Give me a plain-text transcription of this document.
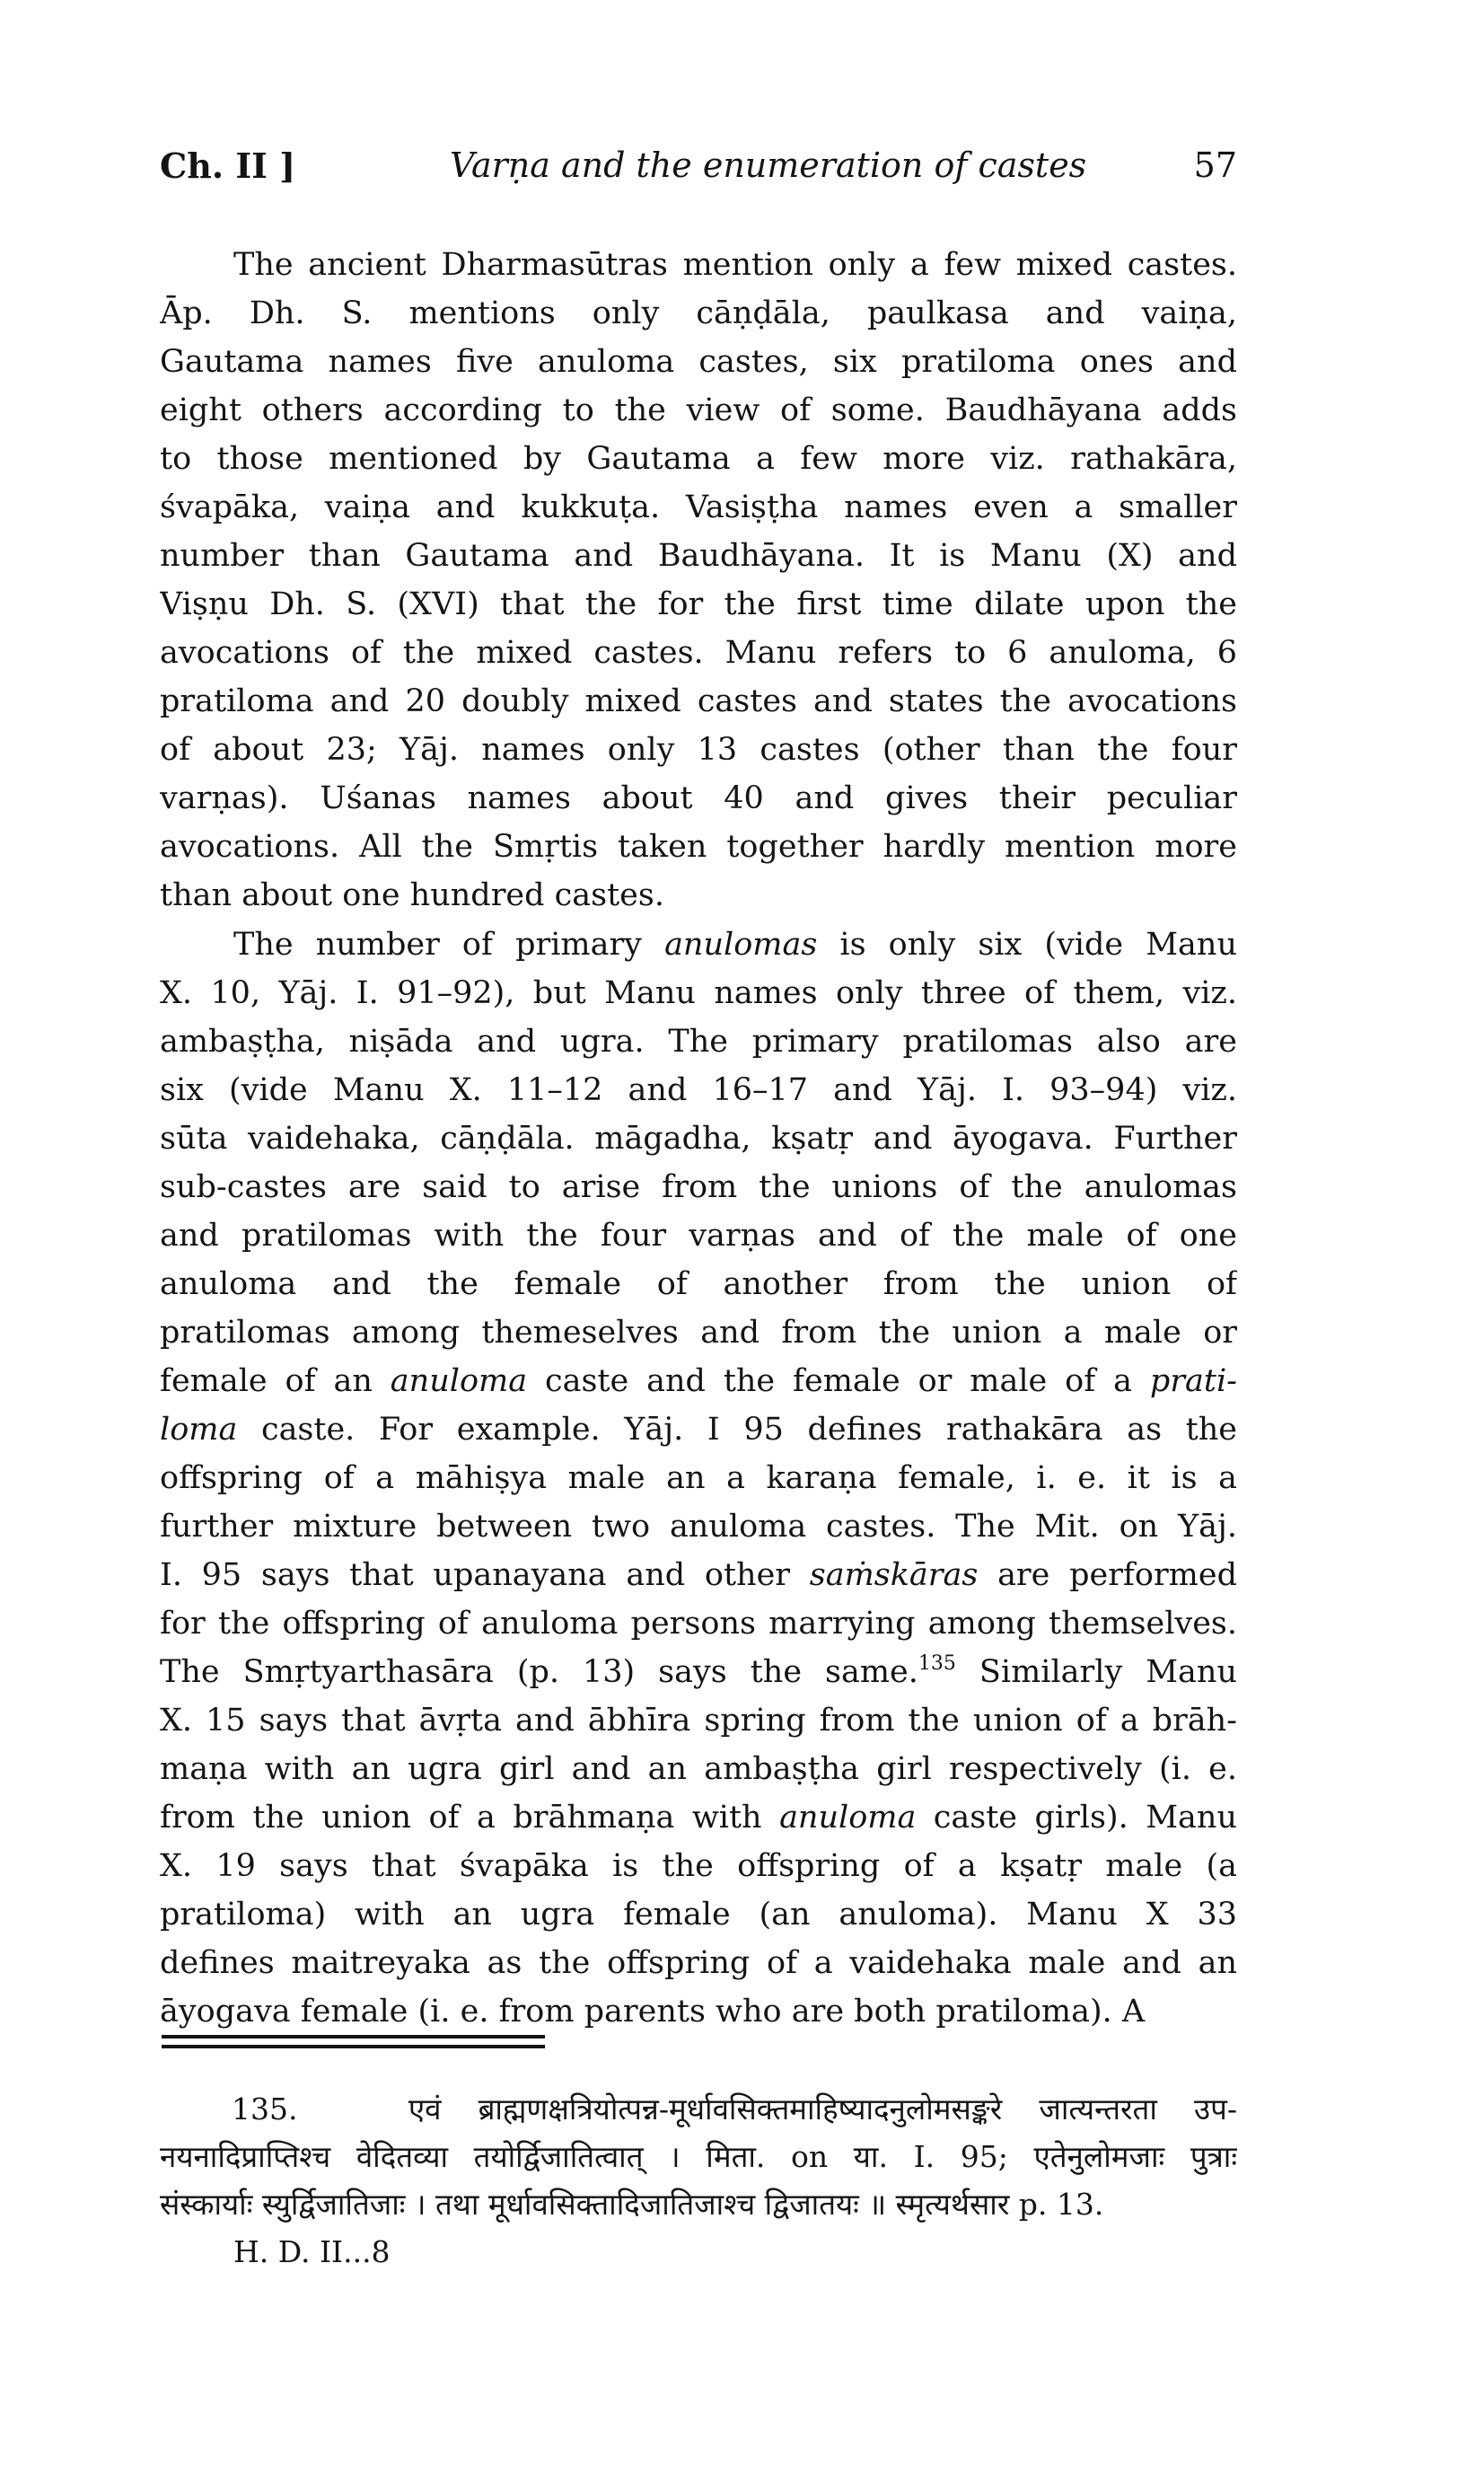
Ch. II ]	Varṇa and the enumeration of castes	57
The ancient Dharmasūtras mention only a few mixed castes.
Āp. Dh. S. mentions only cāṇḍāla, paulkasa and vaiṇa,
Gautama names five anuloma castes, six pratiloma ones and
eight others according to the view of some. Baudhāyana adds
to those mentioned by Gautama a few more viz. rathakāra,
śvapāka, vaiṇa and kukkuṭa. Vasiṣṭha names even a smaller
number than Gautama and Baudhāyana. It is Manu (X) and
Viṣṇu Dh. S. (XVI) that the for the first time dilate upon the
avocations of the mixed castes. Manu refers to 6 anuloma, 6
pratiloma and 20 doubly mixed castes and states the avocations
of about 23; Yāj. names only 13 castes (other than the four
varṇas). Uśanas names about 40 and gives their peculiar
avocations. All the Smṛtis taken together hardly mention more
than about one hundred castes.
The number of primary anulomas is only six (vide Manu
X. 10, Yāj. I. 91–92), but Manu names only three of them, viz.
ambaṣṭha, niṣāda and ugra. The primary pratilomas also are
six (vide Manu X. 11–12 and 16–17 and Yāj. I. 93–94) viz.
sūta vaidehaka, cāṇḍāla. māgadha, kṣatṛ and āyogava. Further
sub-castes are said to arise from the unions of the anulomas
and pratilomas with the four varṇas and of the male of one
anuloma and the female of another from the union of
pratilomas among themeselves and from the union a male or
female of an anuloma caste and the female or male of a prati-
loma caste. For example. Yāj. I 95 defines rathakāra as the
offspring of a māhiṣya male an a karaṇa female, i. e. it is a
further mixture between two anuloma castes. The Mit. on Yāj.
I. 95 says that upanayana and other saṁskāras are performed
for the offspring of anuloma persons marrying among themselves.
The Smṛtyarthasāra (p. 13) says the same.$^{135}$ Similarly Manu
X. 15 says that āvṛta and ābhīra spring from the union of a brāh-
maṇa with an ugra girl and an ambaṣṭha girl respectively (i. e.
from the union of a brāhmaṇa with anuloma caste girls). Manu
X. 19 says that śvapāka is the offspring of a kṣatṛ male (a
pratiloma) with an ugra female (an anuloma). Manu X 33
defines maitreyaka as the offspring of a vaidehaka male and an
āyogava female (i. e. from parents who are both pratiloma). A
135.	एवं ब्राह्मणक्षत्रियोत्पन्न-मूर्धावसिक्तमाहिष्यादनुलोमसङ्करे जात्यन्तरता उप-
नयनादिप्राप्तिश्च वेदितव्या तयोर्द्विजातित्वात् । मिता. on या. I. 95; एतेनुलोमजाः पुत्राः
संस्कार्याः स्युर्द्विजातिजाः । तथा मूर्धावसिक्तादिजातिजाश्च द्विजातयः ॥ स्मृत्यर्थसार p. 13.
H. D. II...8
